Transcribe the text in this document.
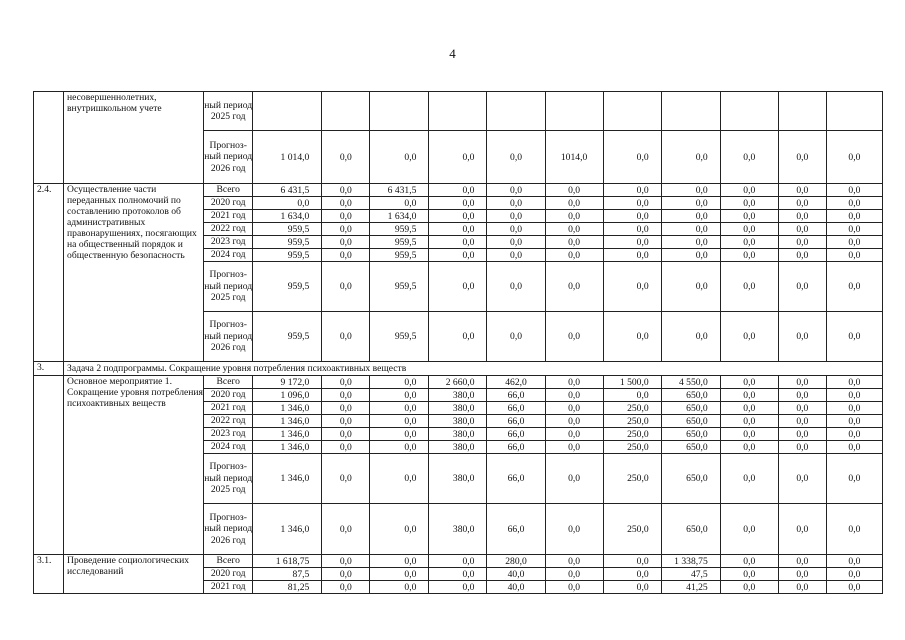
4
	несовершеннолетних, внутришкольном учете	ный период 2025 год											
		Прогноз-ный период 2026 год	1 014,0	0,0	0,0	0,0	0,0	1014,0	0,0	0,0	0,0	0,0	0,0
2.4.	Осуществление части переданных полномочий по составлению протоколов об административных правонарушениях, посягающих на общественный порядок и общественную безопасность	Всего	6 431,5	0,0	6 431,5	0,0	0,0	0,0	0,0	0,0	0,0	0,0	0,0
		2020 год	0,0	0,0	0,0	0,0	0,0	0,0	0,0	0,0	0,0	0,0	0,0
		2021 год	1 634,0	0,0	1 634,0	0,0	0,0	0,0	0,0	0,0	0,0	0,0	0,0
		2022 год	959,5	0,0	959,5	0,0	0,0	0,0	0,0	0,0	0,0	0,0	0,0
		2023 год	959,5	0,0	959,5	0,0	0,0	0,0	0,0	0,0	0,0	0,0	0,0
		2024 год	959,5	0,0	959,5	0,0	0,0	0,0	0,0	0,0	0,0	0,0	0,0
		Прогноз-ный период 2025 год	959,5	0,0	959,5	0,0	0,0	0,0	0,0	0,0	0,0	0,0	0,0
		Прогноз-ный период 2026 год	959,5	0,0	959,5	0,0	0,0	0,0	0,0	0,0	0,0	0,0	0,0
3.	Задача 2 подпрограммы. Сокращение уровня потребления психоактивных веществ												
	Основное мероприятие 1. Сокращение уровня потребления психоактивных веществ	Всего	9 172,0	0,0	0,0	2 660,0	462,0	0,0	1 500,0	4 550,0	0,0	0,0	0,0
		2020 год	1 096,0	0,0	0,0	380,0	66,0	0,0	0,0	650,0	0,0	0,0	0,0
		2021 год	1 346,0	0,0	0,0	380,0	66,0	0,0	250,0	650,0	0,0	0,0	0,0
		2022 год	1 346,0	0,0	0,0	380,0	66,0	0,0	250,0	650,0	0,0	0,0	0,0
		2023 год	1 346,0	0,0	0,0	380,0	66,0	0,0	250,0	650,0	0,0	0,0	0,0
		2024 год	1 346,0	0,0	0,0	380,0	66,0	0,0	250,0	650,0	0,0	0,0	0,0
		Прогноз-ный период 2025 год	1 346,0	0,0	0,0	380,0	66,0	0,0	250,0	650,0	0,0	0,0	0,0
		Прогноз-ный период 2026 год	1 346,0	0,0	0,0	380,0	66,0	0,0	250,0	650,0	0,0	0,0	0,0
3.1.	Проведение социологических исследований	Всего	1 618,75	0,0	0,0	0,0	280,0	0,0	0,0	1 338,75	0,0	0,0	0,0
		2020 год	87,5	0,0	0,0	0,0	40,0	0,0	0,0	47,5	0,0	0,0	0,0
		2021 год	81,25	0,0	0,0	0,0	40,0	0,0	0,0	41,25	0,0	0,0	0,0
